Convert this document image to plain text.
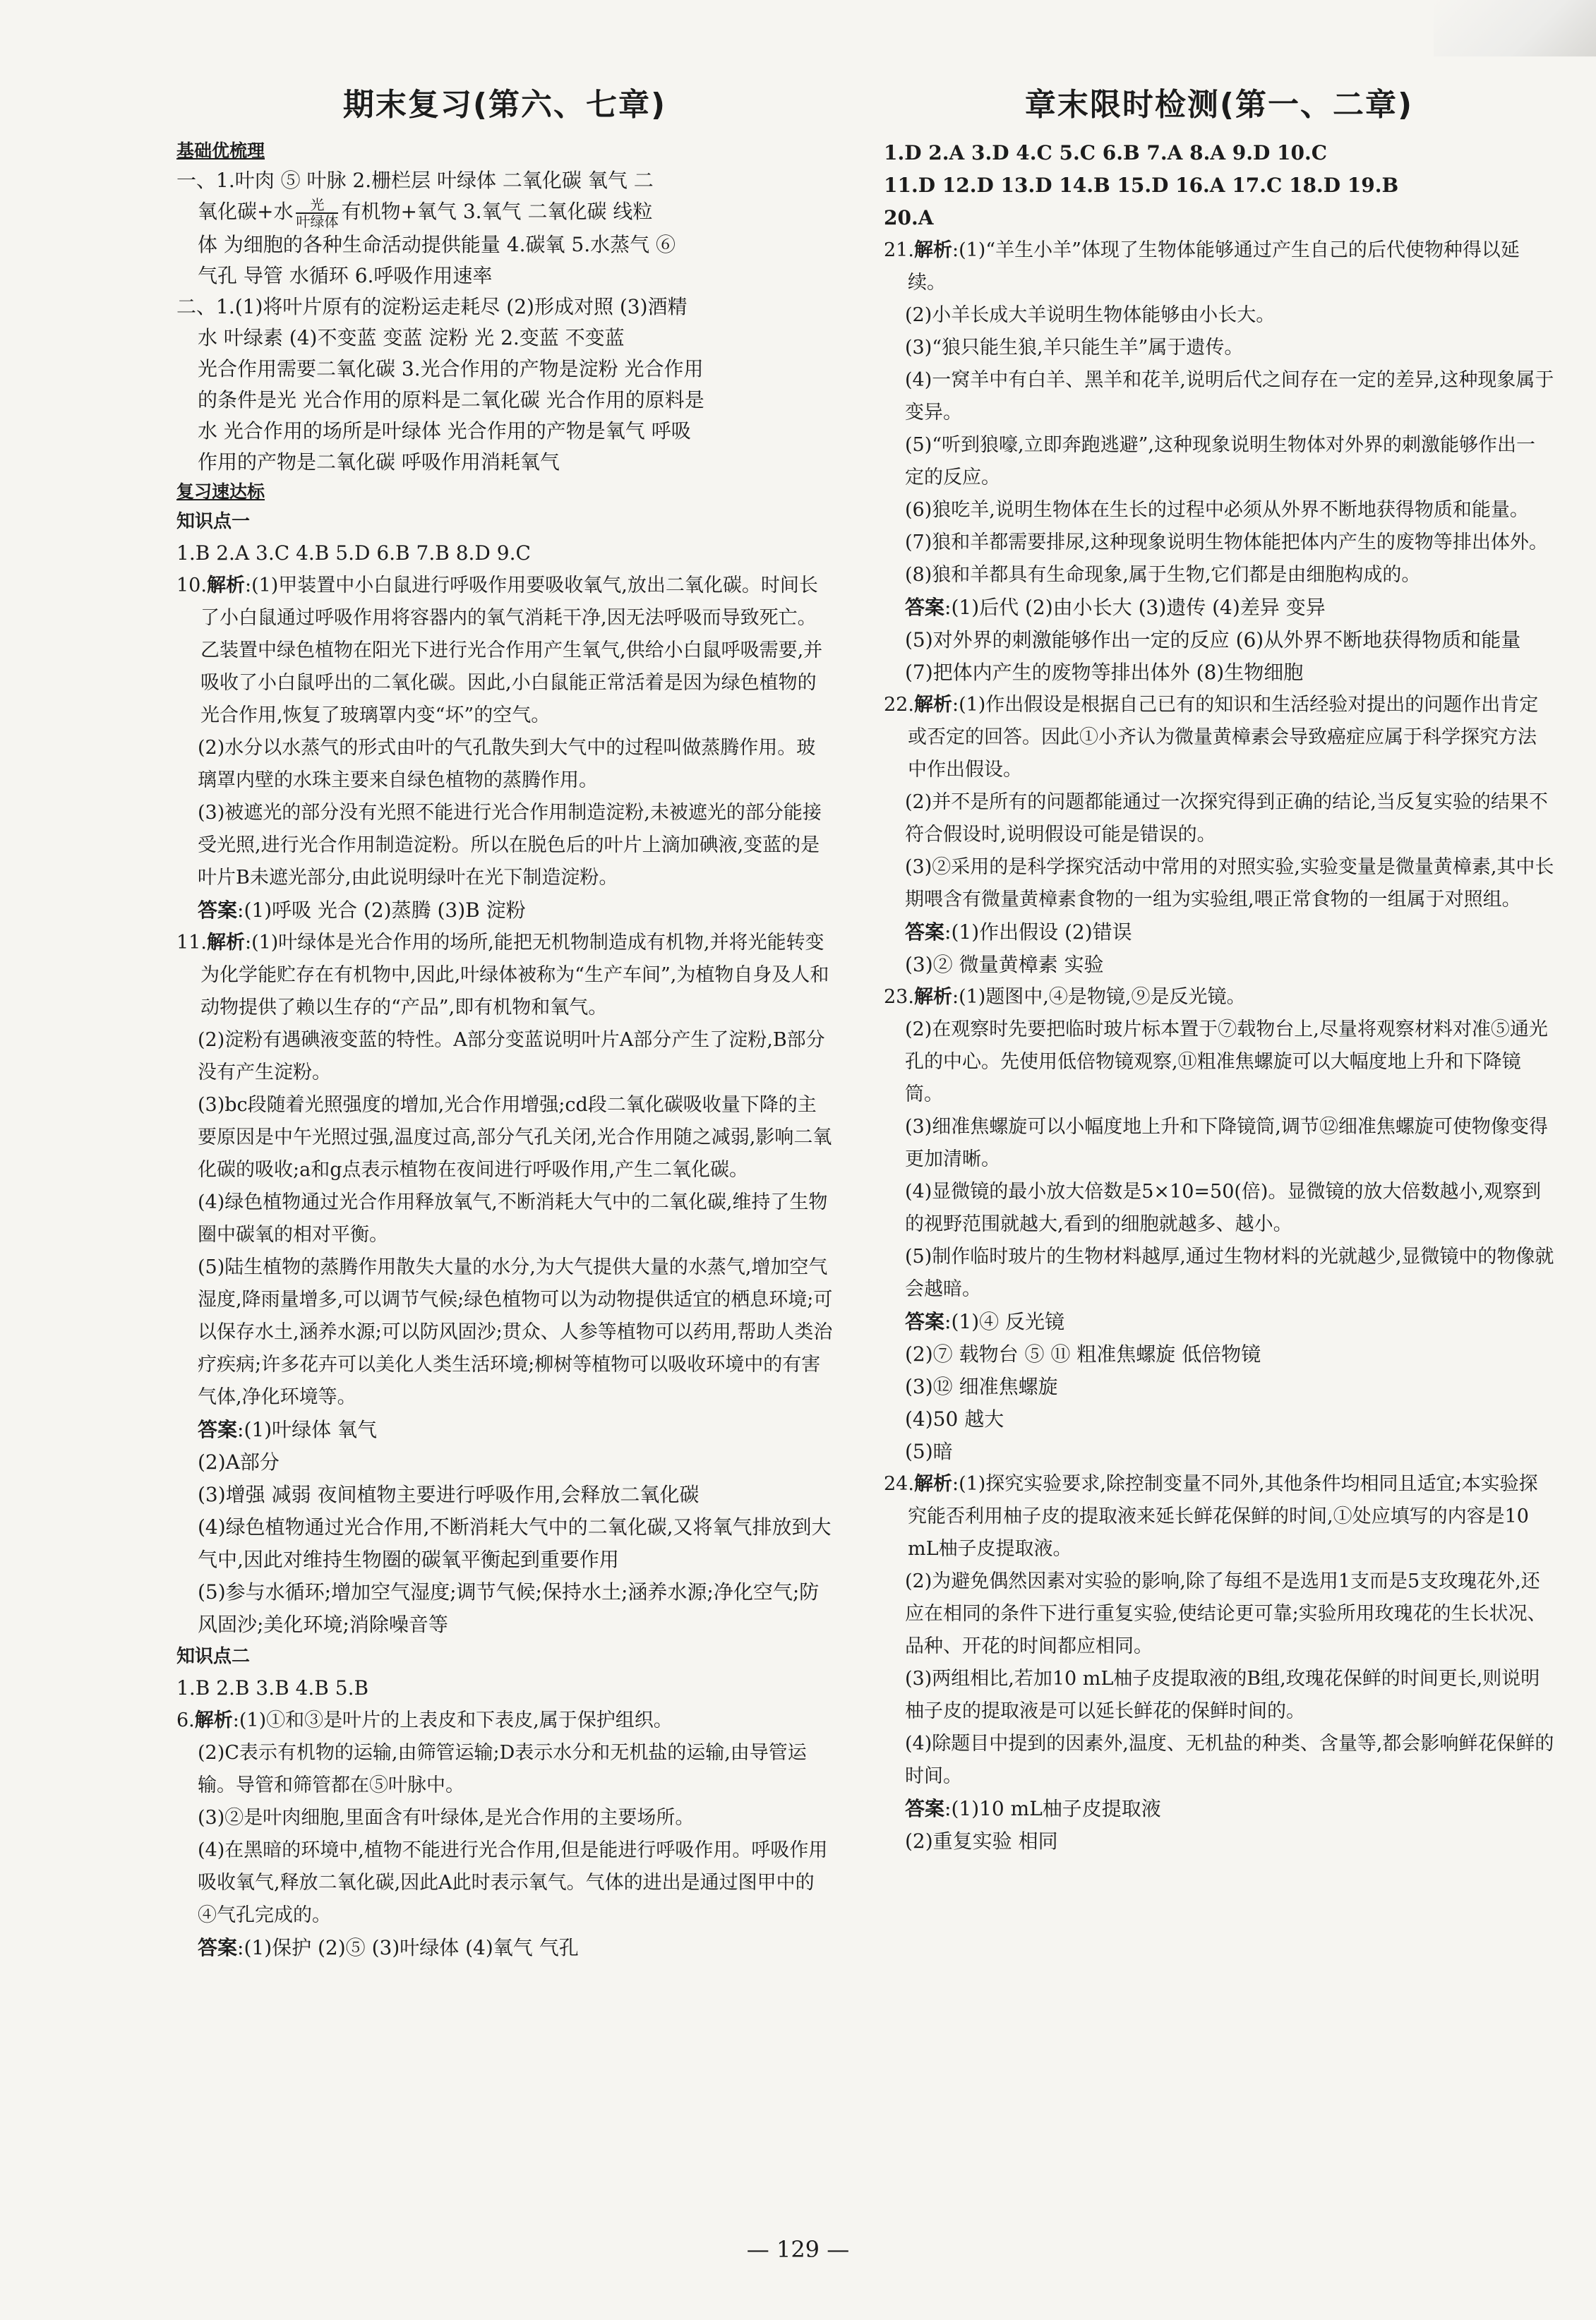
期末复习(第六、七章)

基础优梳理

一、1.叶肉 ⑤ 叶脉 2.栅栏层 叶绿体 二氧化碳 氧气 二

氧化碳+水 $\frac{\text{光}}{\text{叶绿体}}$ 有机物+氧气 3.氧气 二氧化碳 线粒

体 为细胞的各种生命活动提供能量 4.碳氧 5.水蒸气 ⑥

气孔 导管 水循环 6.呼吸作用速率

二、1.(1)将叶片原有的淀粉运走耗尽 (2)形成对照 (3)酒精

水 叶绿素 (4)不变蓝 变蓝 淀粉 光 2.变蓝 不变蓝

光合作用需要二氧化碳 3.光合作用的产物是淀粉 光合作用

的条件是光 光合作用的原料是二氧化碳 光合作用的原料是

水 光合作用的场所是叶绿体 光合作用的产物是氧气 呼吸

作用的产物是二氧化碳 呼吸作用消耗氧气

复习速达标

知识点一

1.B 2.A 3.C 4.B 5.D 6.B 7.B 8.D 9.C

10.解析:(1)甲装置中小白鼠进行呼吸作用要吸收氧气,放出二氧化碳。时间长了小白鼠通过呼吸作用将容器内的氧气消耗干净,因无法呼吸而导致死亡。乙装置中绿色植物在阳光下进行光合作用产生氧气,供给小白鼠呼吸需要,并吸收了小白鼠呼出的二氧化碳。因此,小白鼠能正常活着是因为绿色植物的光合作用,恢复了玻璃罩内变“坏”的空气。

(2)水分以水蒸气的形式由叶的气孔散失到大气中的过程叫做蒸腾作用。玻璃罩内壁的水珠主要来自绿色植物的蒸腾作用。

(3)被遮光的部分没有光照不能进行光合作用制造淀粉,未被遮光的部分能接受光照,进行光合作用制造淀粉。所以在脱色后的叶片上滴加碘液,变蓝的是叶片B未遮光部分,由此说明绿叶在光下制造淀粉。

答案:(1)呼吸 光合 (2)蒸腾 (3)B 淀粉

11.解析:(1)叶绿体是光合作用的场所,能把无机物制造成有机物,并将光能转变为化学能贮存在有机物中,因此,叶绿体被称为“生产车间”,为植物自身及人和动物提供了赖以生存的“产品”,即有机物和氧气。

(2)淀粉有遇碘液变蓝的特性。A部分变蓝说明叶片A部分产生了淀粉,B部分没有产生淀粉。

(3)bc段随着光照强度的增加,光合作用增强;cd段二氧化碳吸收量下降的主要原因是中午光照过强,温度过高,部分气孔关闭,光合作用随之减弱,影响二氧化碳的吸收;a和g点表示植物在夜间进行呼吸作用,产生二氧化碳。

(4)绿色植物通过光合作用释放氧气,不断消耗大气中的二氧化碳,维持了生物圈中碳氧的相对平衡。

(5)陆生植物的蒸腾作用散失大量的水分,为大气提供大量的水蒸气,增加空气湿度,降雨量增多,可以调节气候;绿色植物可以为动物提供适宜的栖息环境;可以保存水土,涵养水源;可以防风固沙;贯众、人参等植物可以药用,帮助人类治疗疾病;许多花卉可以美化人类生活环境;柳树等植物可以吸收环境中的有害气体,净化环境等。

答案:(1)叶绿体 氧气

(2)A部分

(3)增强 减弱 夜间植物主要进行呼吸作用,会释放二氧化碳

(4)绿色植物通过光合作用,不断消耗大气中的二氧化碳,又将氧气排放到大气中,因此对维持生物圈的碳氧平衡起到重要作用

(5)参与水循环;增加空气湿度;调节气候;保持水土;涵养水源;净化空气;防风固沙;美化环境;消除噪音等

知识点二

1.B 2.B 3.B 4.B 5.B

6.解析:(1)①和③是叶片的上表皮和下表皮,属于保护组织。

(2)C表示有机物的运输,由筛管运输;D表示水分和无机盐的运输,由导管运输。导管和筛管都在⑤叶脉中。

(3)②是叶肉细胞,里面含有叶绿体,是光合作用的主要场所。

(4)在黑暗的环境中,植物不能进行光合作用,但是能进行呼吸作用。呼吸作用吸收氧气,释放二氧化碳,因此A此时表示氧气。气体的进出是通过图甲中的④气孔完成的。

答案:(1)保护 (2)⑤ (3)叶绿体 (4)氧气 气孔

章末限时检测(第一、二章)

1.D 2.A 3.D 4.C 5.C 6.B 7.A 8.A 9.D 10.C

11.D 12.D 13.D 14.B 15.D 16.A 17.C 18.D 19.B

20.A

21.解析:(1)“羊生小羊”体现了生物体能够通过产生自己的后代使物种得以延续。

(2)小羊长成大羊说明生物体能够由小长大。

(3)“狼只能生狼,羊只能生羊”属于遗传。

(4)一窝羊中有白羊、黑羊和花羊,说明后代之间存在一定的差异,这种现象属于变异。

(5)“听到狼嚎,立即奔跑逃避”,这种现象说明生物体对外界的刺激能够作出一定的反应。

(6)狼吃羊,说明生物体在生长的过程中必须从外界不断地获得物质和能量。

(7)狼和羊都需要排尿,这种现象说明生物体能把体内产生的废物等排出体外。

(8)狼和羊都具有生命现象,属于生物,它们都是由细胞构成的。

答案:(1)后代 (2)由小长大 (3)遗传 (4)差异 变异

(5)对外界的刺激能够作出一定的反应 (6)从外界不断地获得物质和能量 (7)把体内产生的废物等排出体外 (8)生物细胞

22.解析:(1)作出假设是根据自己已有的知识和生活经验对提出的问题作出肯定或否定的回答。因此①小齐认为微量黄樟素会导致癌症应属于科学探究方法中作出假设。

(2)并不是所有的问题都能通过一次探究得到正确的结论,当反复实验的结果不符合假设时,说明假设可能是错误的。

(3)②采用的是科学探究活动中常用的对照实验,实验变量是微量黄樟素,其中长期喂含有微量黄樟素食物的一组为实验组,喂正常食物的一组属于对照组。

答案:(1)作出假设 (2)错误

(3)② 微量黄樟素 实验

23.解析:(1)题图中,④是物镜,⑨是反光镜。

(2)在观察时先要把临时玻片标本置于⑦载物台上,尽量将观察材料对准⑤通光孔的中心。先使用低倍物镜观察,⑪粗准焦螺旋可以大幅度地上升和下降镜筒。

(3)细准焦螺旋可以小幅度地上升和下降镜筒,调节⑫细准焦螺旋可使物像变得更加清晰。

(4)显微镜的最小放大倍数是5×10=50(倍)。显微镜的放大倍数越小,观察到的视野范围就越大,看到的细胞就越多、越小。

(5)制作临时玻片的生物材料越厚,通过生物材料的光就越少,显微镜中的物像就会越暗。

答案:(1)④ 反光镜

(2)⑦ 载物台 ⑤ ⑪ 粗准焦螺旋 低倍物镜

(3)⑫ 细准焦螺旋

(4)50 越大

(5)暗

24.解析:(1)探究实验要求,除控制变量不同外,其他条件均相同且适宜;本实验探究能否利用柚子皮的提取液来延长鲜花保鲜的时间,①处应填写的内容是10 mL柚子皮提取液。

(2)为避免偶然因素对实验的影响,除了每组不是选用1支而是5支玫瑰花外,还应在相同的条件下进行重复实验,使结论更可靠;实验所用玫瑰花的生长状况、品种、开花的时间都应相同。

(3)两组相比,若加10 mL柚子皮提取液的B组,玫瑰花保鲜的时间更长,则说明柚子皮的提取液是可以延长鲜花的保鲜时间的。

(4)除题目中提到的因素外,温度、无机盐的种类、含量等,都会影响鲜花保鲜的时间。

答案:(1)10 mL柚子皮提取液

(2)重复实验 相同

— 129 —
